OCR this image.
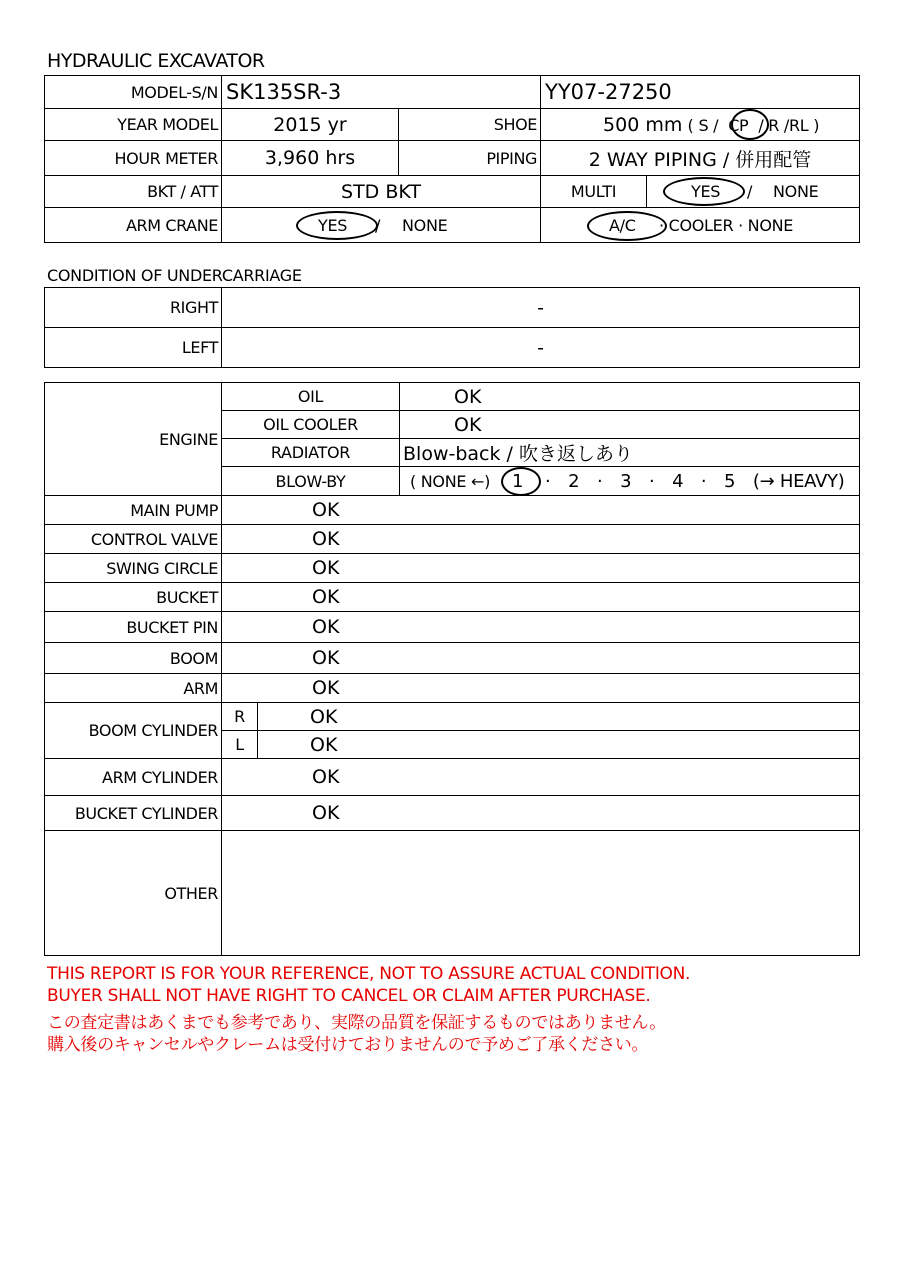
HYDRAULIC EXCAVATOR
MODEL-S/N	SK135SR-3		YY07-27250	
YEAR MODEL	2015 yr	SHOE	500 mm ( S / CP / R /RL )	

HOUR METER	3,960 hrs	PIPING	2 WAY PIPING / 併用配管	
BKT / ATT	STD BKT		MULTI	YES / NONE

ARM CRANE	YES / NONE		A/C · COOLER · NONE	
CONDITION OF UNDERCARRIAGE
RIGHT	-
LEFT	-
ENGINE	OIL		OK
	OIL COOLER		OK
	RADIATOR		Blow-back / 吹き返しあり
	BLOW-BY		( NONE ←) 1 ·　2　·　3　·　4　·　5　(→ HEAVY)

MAIN PUMP	OK		
CONTROL VALVE	OK		
SWING CIRCLE	OK		
BUCKET	OK		
BUCKET PIN	OK		
BOOM	OK		
ARM	OK		
BOOM CYLINDER	R	OK	
	L	OK	
ARM CYLINDER	OK		
BUCKET CYLINDER	OK		
OTHER			
THIS REPORT IS FOR YOUR REFERENCE, NOT TO ASSURE ACTUAL CONDITION.
BUYER SHALL NOT HAVE RIGHT TO CANCEL OR CLAIM AFTER PURCHASE.
この査定書はあくまでも参考であり、実際の品質を保証するものではありません。
購入後のキャンセルやクレームは受付けておりませんので予めご了承ください。
